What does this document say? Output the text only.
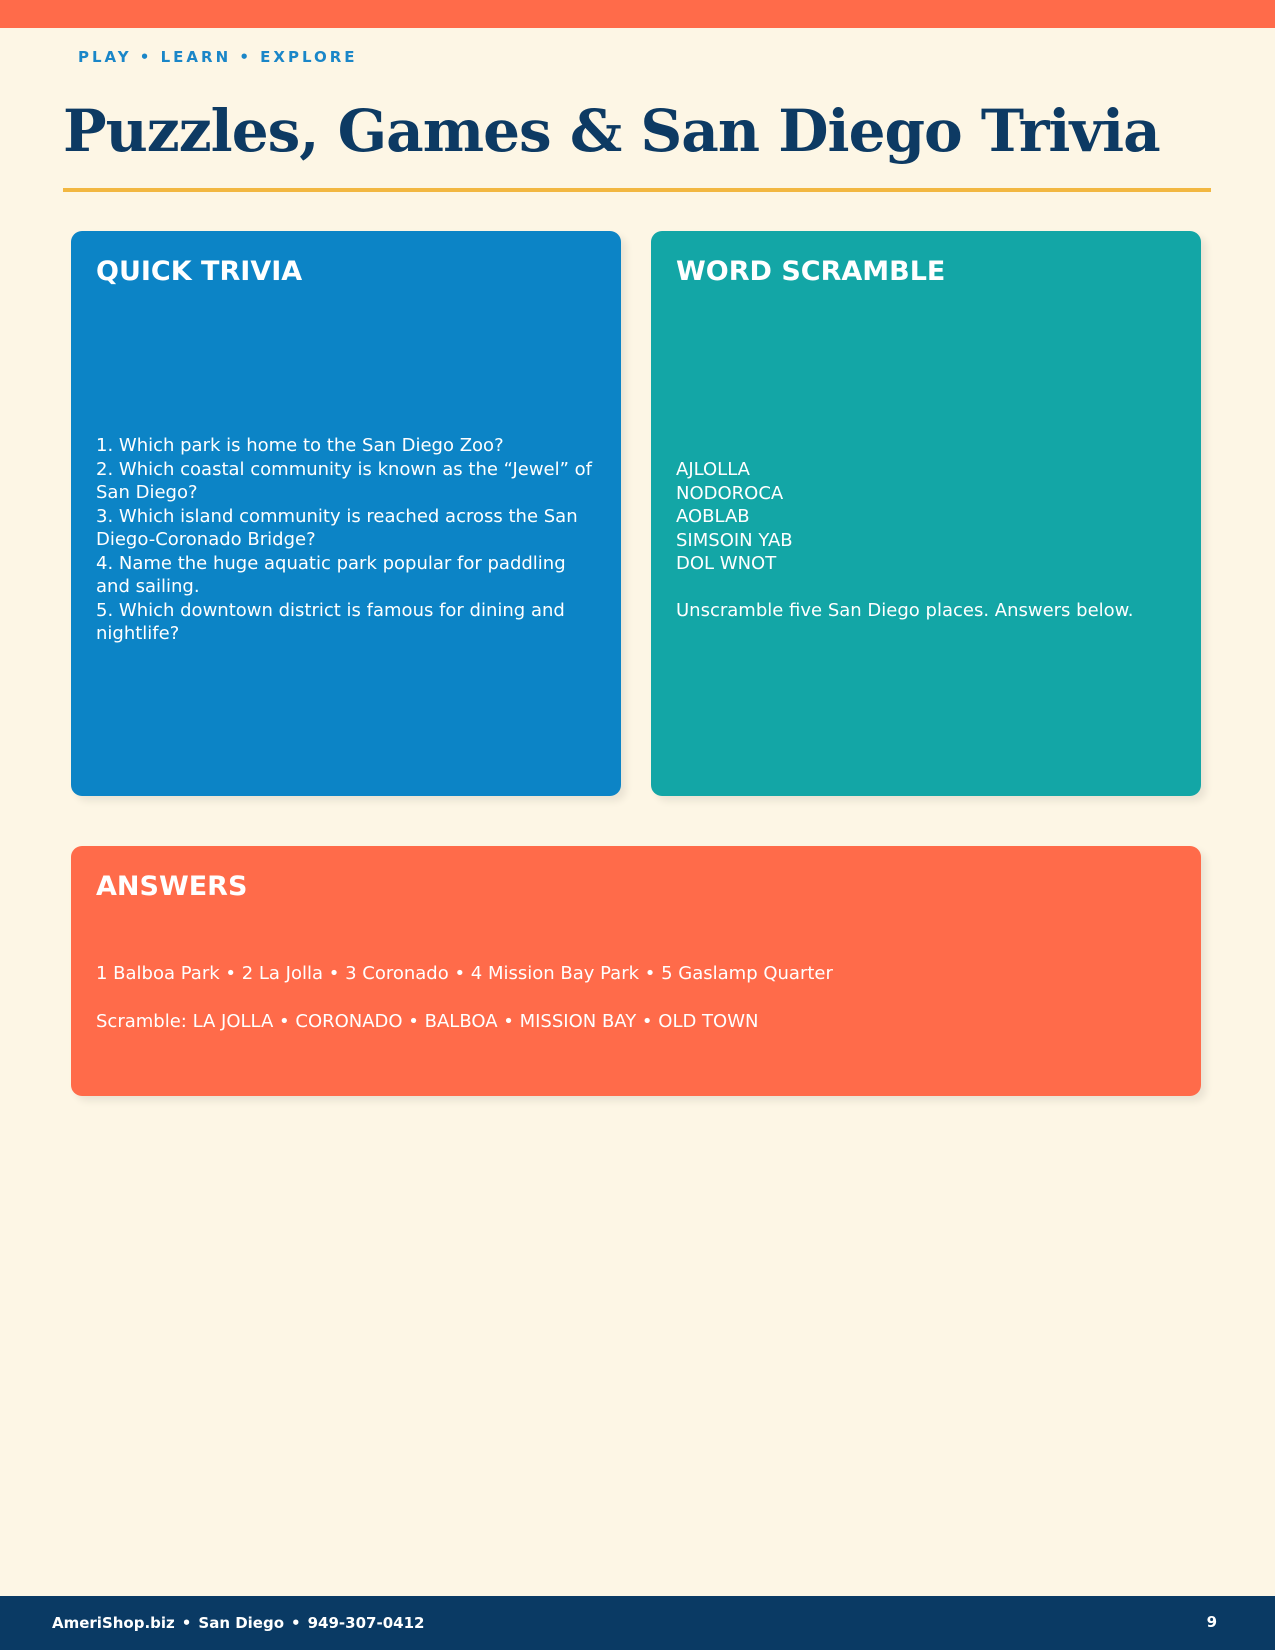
PLAY • LEARN • EXPLORE
Puzzles, Games & San Diego Trivia
QUICK TRIVIA
1. Which park is home to the San Diego Zoo?
2. Which coastal community is known as the “Jewel” of San Diego?
3. Which island community is reached across the San Diego-Coronado Bridge?
4. Name the huge aquatic park popular for paddling and sailing.
5. Which downtown district is famous for dining and nightlife?
WORD SCRAMBLE
AJLOLLA
NODOROCA
AOBLAB
SIMSOIN YAB
DOL WNOT
Unscramble five San Diego places. Answers below.
ANSWERS
1 Balboa Park • 2 La Jolla • 3 Coronado • 4 Mission Bay Park • 5 Gaslamp Quarter
Scramble: LA JOLLA • CORONADO • BALBOA • MISSION BAY • OLD TOWN
AmeriShop.biz • San Diego • 949-307-0412	9
